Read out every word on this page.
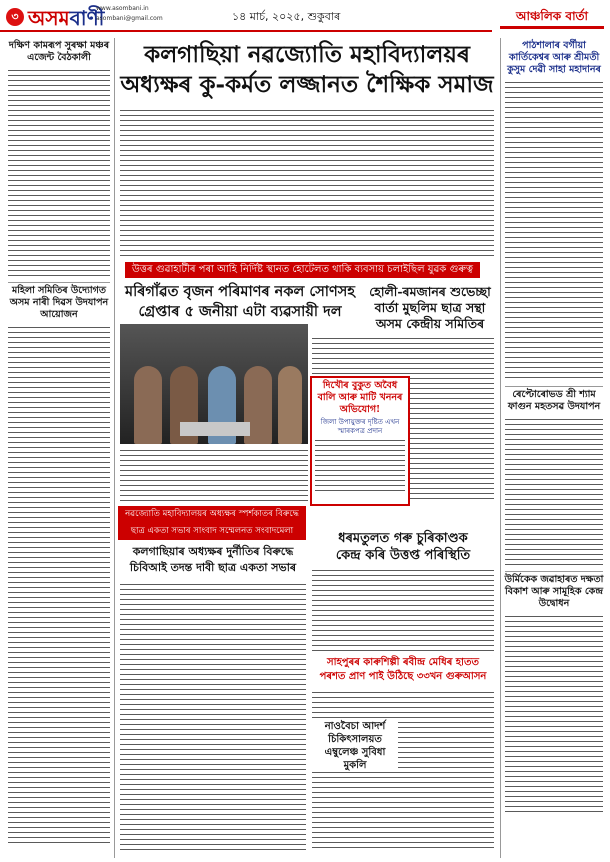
৩ অসমবাণী
www.asombani.in
asombani@gmail.com	১৪ মাৰ্চ, ২০২৫, শুকুবাৰ	আঞ্চলিক বাৰ্তা
দক্ষিণ কামৰূপ সুৰক্ষা মঞ্চৰ এজেন্ট বৈঠকালী
মহিলা সমিতিৰ উদ্যোগত অসম নাৰী দিৱস উদযাপন আয়োজন
কলগাছিয়া নৱজ্যোতি মহাবিদ্যালয়ৰ
অধ্যক্ষৰ কু-কৰ্মত লজ্জানত শৈক্ষিক সমাজ
উত্তৰ গুৱাহাটীৰ পৰা আহি নিৰ্দিষ্ট স্থানত হোটেলত থাকি ব্যবসায় চলাইছিল যুৱক গুৰুত্ব
মৰিগাঁৱত বৃজন পৰিমাণৰ নকল সোণসহ
গ্ৰেপ্তাৰ ৫ জনীয়া এটা ব্যৱসায়ী দল
হোলী-ৰমজানৰ শুভেচ্ছা
বাৰ্তা মুছলিম ছাত্ৰ সন্থা
অসম কেন্দ্ৰীয় সমিতিৰ
দিখৌৰ বুকুত অবৈধ বালি আৰু মাটি খননৰ অভিযোগ!
জিলা উপায়ুক্তৰ দৃষ্টিত এখন স্মাৰকপত্ৰ প্ৰদান
ধৰমতুলত গৰু চুৰিকাণ্ডক
কেন্দ্ৰ কৰি উত্তপ্ত পৰিস্থিতি
নৱজ্যোতি মহাবিদ্যালয়ৰ অধ্যক্ষৰ স্পৰ্শকাতৰ বিৰুদ্ধে
ছাত্ৰ একতা সভাৰ সাংবাদ সম্মেলনত সংবাদমেলা
কলগাছিয়াৰ অধ্যক্ষৰ দুৰ্নীতিৰ বিৰুদ্ধে
চিবিআই তদন্ত দাবী ছাত্ৰ একতা সভাৰ
সাহপুৰৰ কাৰুশিল্পী ৰবীন্দ্ৰ মেধিৰ হাতত
পৰশত প্ৰাণ পাই উঠিছে ৩৩খন গুৰুআসন
নাওবৈচা আদৰ্শ
চিকিৎসালয়ত
এম্বুলেঞ্চ সুবিধা মুকলি
পাঠশালাৰ বৰ্গীয়া কাৰ্তিকেশ্বৰ আৰু শ্ৰীমতী কুসুম দেৱী সাহা মহাদানৰ
ৰেপ্টোৰোভড শ্ৰী শ্যাম ফাগুন মহতসৱ উদযাপন
উৰ্মিকেক জৱাহাৰত দক্ষতা বিকাশ আৰু সামূহিক কেন্দ্ৰ উদ্বোধন
